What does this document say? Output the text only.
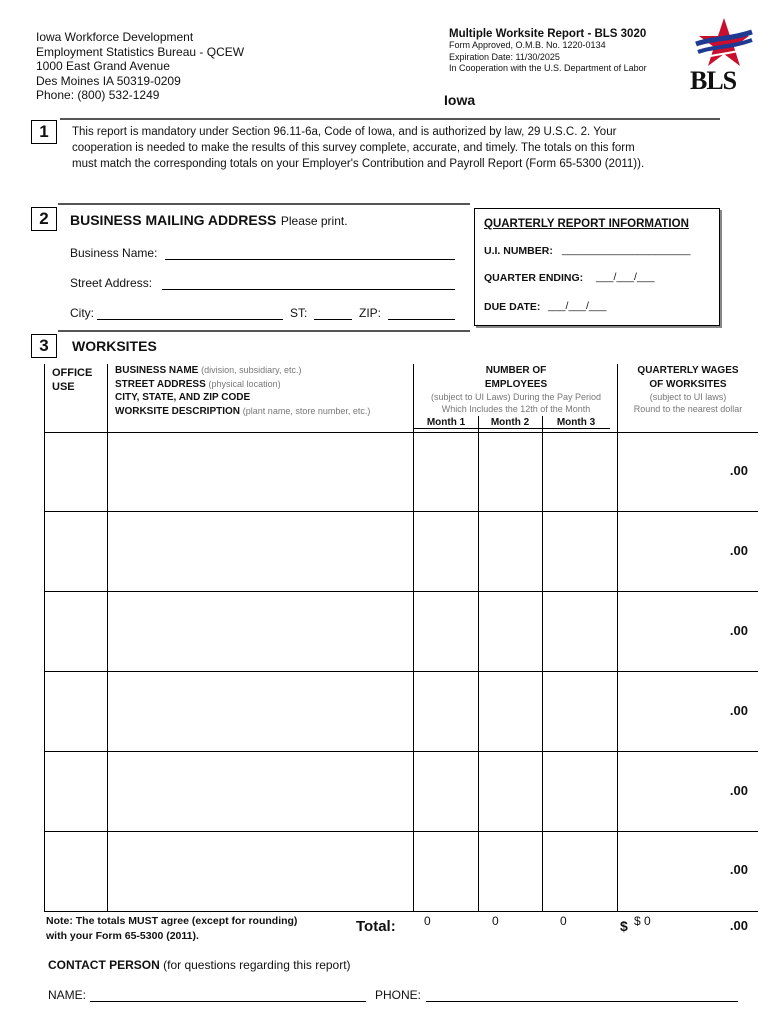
Iowa Workforce Development
Employment Statistics Bureau - QCEW
1000 East Grand Avenue
Des Moines IA 50319-0209
Phone: (800) 532-1249
Multiple Worksite Report - BLS 3020
Form Approved, O.M.B. No. 1220-0134
Expiration Date: 11/30/2025
In Cooperation with the U.S. Department of Labor
Iowa
BLS
1	This report is mandatory under Section 96.11-6a, Code of Iowa, and is authorized by law, 29 U.S.C. 2. Your
cooperation is needed to make the results of this survey complete, accurate, and timely. The totals on this form
must match the corresponding totals on your Employer's Contribution and Payroll Report (Form 65-5300 (2011)).
2	BUSINESS MAILING ADDRESS Please print.
Business Name:
Street Address:
City:	ST:	ZIP:
QUARTERLY REPORT INFORMATION
U.I. NUMBER: ______________________
QUARTER ENDING: ___/___/___
DUE DATE: ___/___/___
3	WORKSITES
OFFICE
USE
BUSINESS NAME (division, subsidiary, etc.)
STREET ADDRESS (physical location)
CITY, STATE, AND ZIP CODE
WORKSITE DESCRIPTION (plant name, store number, etc.)
NUMBER OF
EMPLOYEES
(subject to UI Laws) During the Pay Period
Which Includes the 12th of the Month
QUARTERLY WAGES
OF WORKSITES
(subject to UI laws)
Round to the nearest dollar
Month 1	Month 2	Month 3
.00
.00
.00
.00
.00
.00
Note: The totals MUST agree (except for rounding)
with your Form 65-5300 (2011).
Total: 0	0	0	$ $ 0	.00
CONTACT PERSON (for questions regarding this report)
NAME:	PHONE:
